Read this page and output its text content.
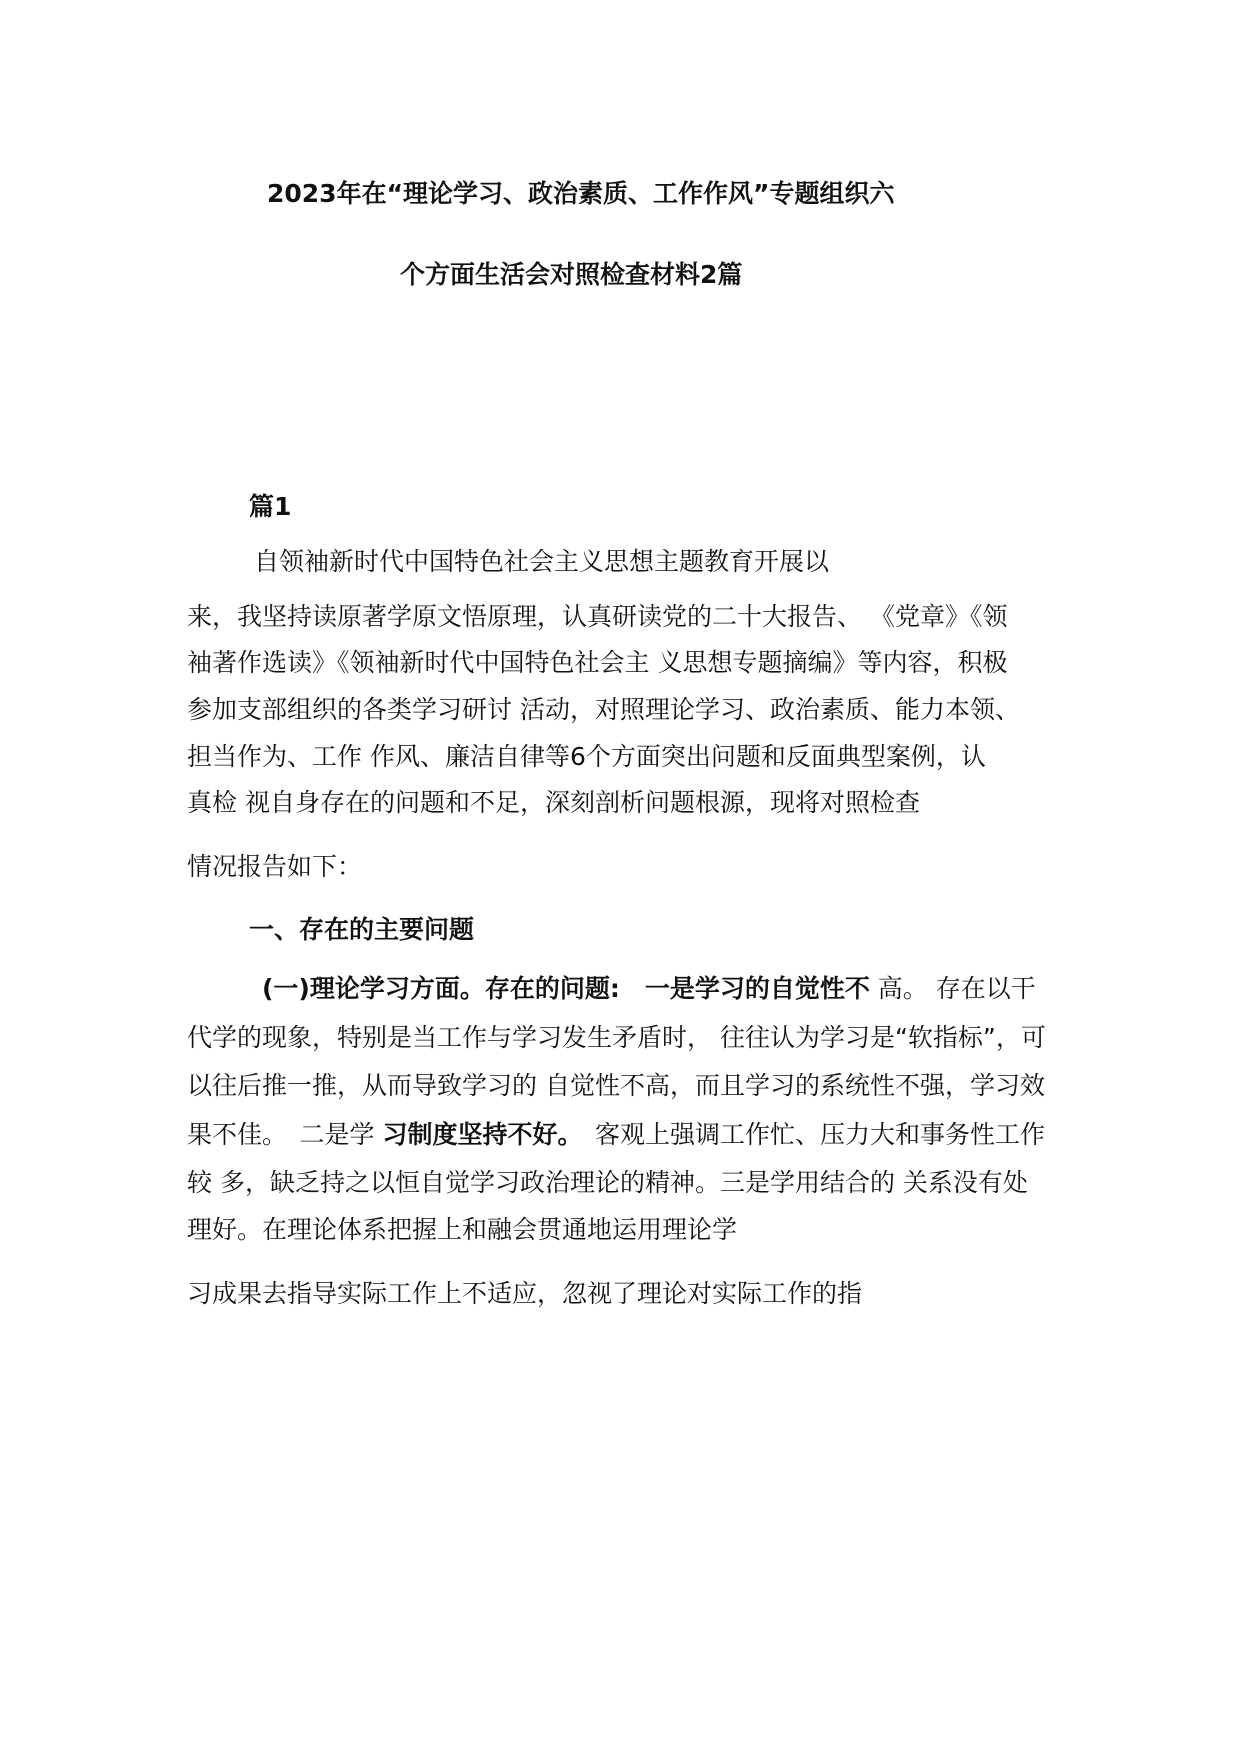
2023年在“理论学习、政治素质、工作作风”专题组织六
个方面生活会对照检查材料2篇
篇1
自领袖新时代中国特色社会主义思想主题教育开展以
来，我坚持读原著学原文悟原理，认真研读党的二十大报告、 《党章》《领
袖著作选读》《领袖新时代中国特色社会主 义思想专题摘编》等内容，积极
参加支部组织的各类学习研讨 活动，对照理论学习、政治素质、能力本领、
担当作为、工作 作风、廉洁自律等6个方面突出问题和反面典型案例，认
真检 视自身存在的问题和不足，深刻剖析问题根源，现将对照检查
情况报告如下：
一、存在的主要问题
(一)理论学习方面。存在的问题:　一是学习的自觉性不 高。 存在以干
代学的现象，特别是当工作与学习发生矛盾时， 往往认为学习是“软指标”，可
以往后推一推，从而导致学习的 自觉性不高，而且学习的系统性不强，学习效
果不佳。　二是学 习制度坚持不好。　客观上强调工作忙、压力大和事务性工作
较 多，缺乏持之以恒自觉学习政治理论的精神。三是学用结合的 关系没有处
理好。在理论体系把握上和融会贯通地运用理论学
习成果去指导实际工作上不适应，忽视了理论对实际工作的指
